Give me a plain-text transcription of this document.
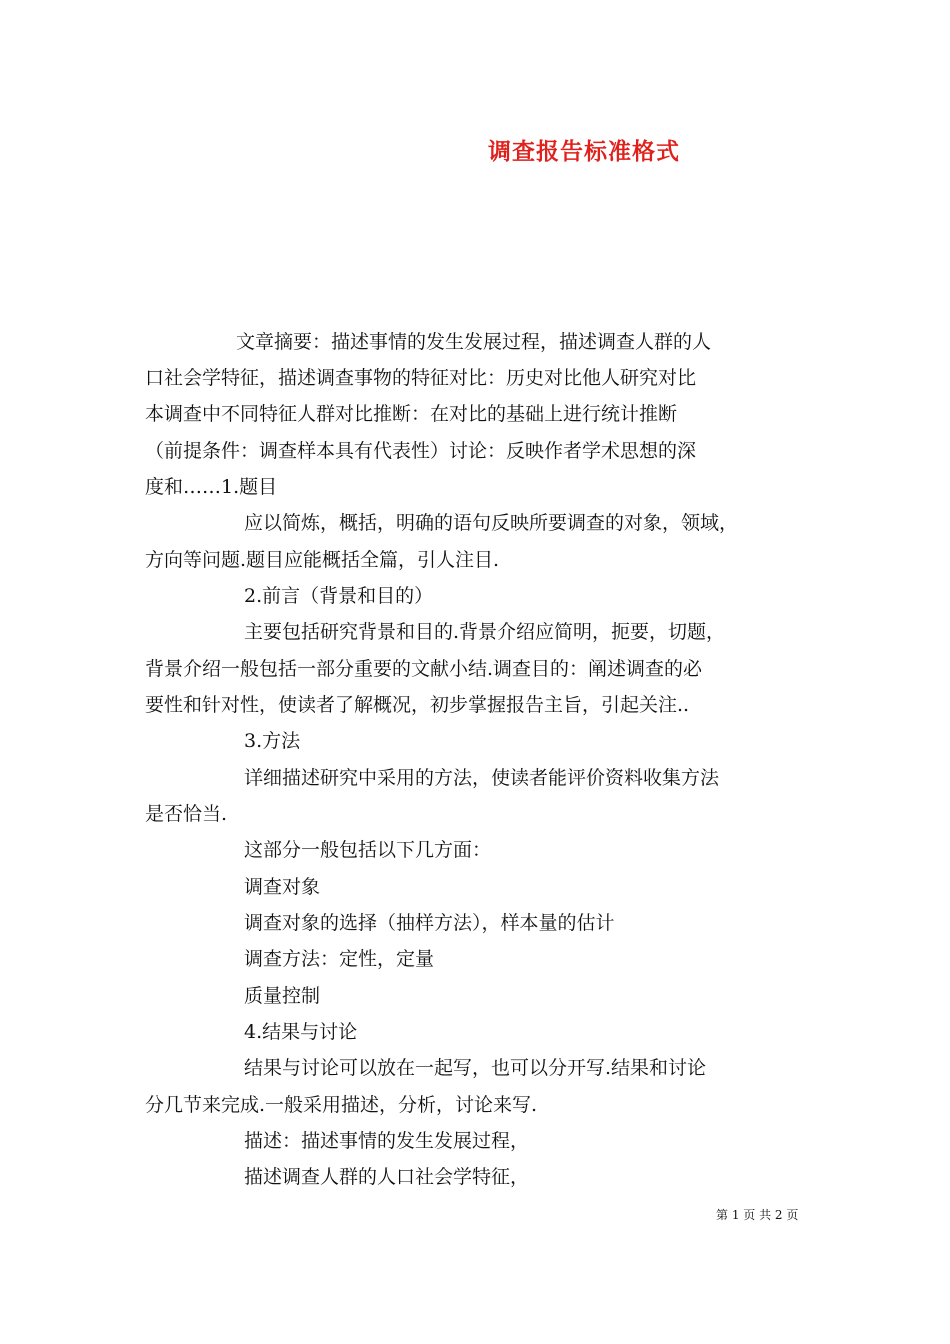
调查报告标准格式
文章摘要：描述事情的发生发展过程，描述调查人群的人
口社会学特征，描述调查事物的特征对比：历史对比他人研究对比
本调查中不同特征人群对比推断：在对比的基础上进行统计推断
（前提条件：调查样本具有代表性）讨论：反映作者学术思想的深
度和……1.题目
应以简炼，概括，明确的语句反映所要调查的对象，领域，
方向等问题.题目应能概括全篇，引人注目.
2.前言（背景和目的）
主要包括研究背景和目的.背景介绍应简明，扼要，切题，
背景介绍一般包括一部分重要的文献小结.调查目的：阐述调查的必
要性和针对性，使读者了解概况，初步掌握报告主旨，引起关注..
3.方法
详细描述研究中采用的方法，使读者能评价资料收集方法
是否恰当.
这部分一般包括以下几方面：
调查对象
调查对象的选择（抽样方法），样本量的估计
调查方法：定性，定量
质量控制
4.结果与讨论
结果与讨论可以放在一起写，也可以分开写.结果和讨论
分几节来完成.一般采用描述，分析，讨论来写.
描述：描述事情的发生发展过程，
描述调查人群的人口社会学特征，
第 1 页 共 2 页
